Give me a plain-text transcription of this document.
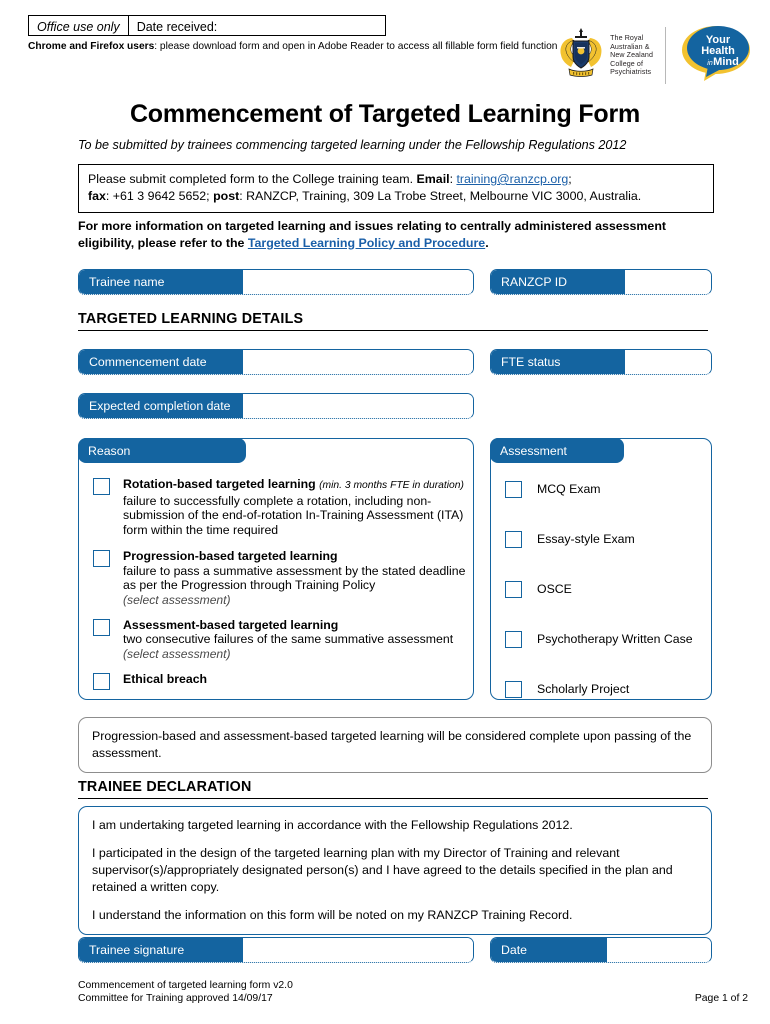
Office use only	Date received:
Chrome and Firefox users: please download form and open in Adobe Reader to access all fillable form field function
The Royal
Australian &
New Zealand
College of
Psychiatrists
Your
Health
in Mind
Commencement of Targeted Learning Form
To be submitted by trainees commencing targeted learning under the Fellowship Regulations 2012
Please submit completed form to the College training team. Email: training@ranzcp.org;
fax: +61 3 9642 5652; post: RANZCP, Training, 309 La Trobe Street, Melbourne VIC 3000, Australia.
For more information on targeted learning and issues relating to centrally administered assessment eligibility, please refer to the Targeted Learning Policy and Procedure.
Trainee name	RANZCP ID
TARGETED LEARNING DETAILS
Commencement date	FTE status
Expected completion date
Reason
Rotation-based targeted learning (min. 3 months FTE in duration)
failure to successfully complete a rotation, including non-submission of the end-of-rotation In-Training Assessment (ITA) form within the time required
Progression-based targeted learning
failure to pass a summative assessment by the stated deadline as per the Progression through Training Policy
(select assessment)
Assessment-based targeted learning
two consecutive failures of the same summative assessment
(select assessment)
Ethical breach
Assessment
MCQ Exam
Essay-style Exam
OSCE
Psychotherapy Written Case
Scholarly Project

Progression-based and assessment-based targeted learning will be considered complete upon passing of the assessment.

TRAINEE DECLARATION

I am undertaking targeted learning in accordance with the Fellowship Regulations 2012.

I participated in the design of the targeted learning plan with my Director of Training and relevant supervisor(s)/appropriately designated person(s) and I have agreed to the details specified in the plan and retained a written copy.

I understand the information on this form will be noted on my RANZCP Training Record.

Trainee signature	Date
Commencement of targeted learning form v2.0
Committee for Training approved 14/09/17	Page 1 of 2
